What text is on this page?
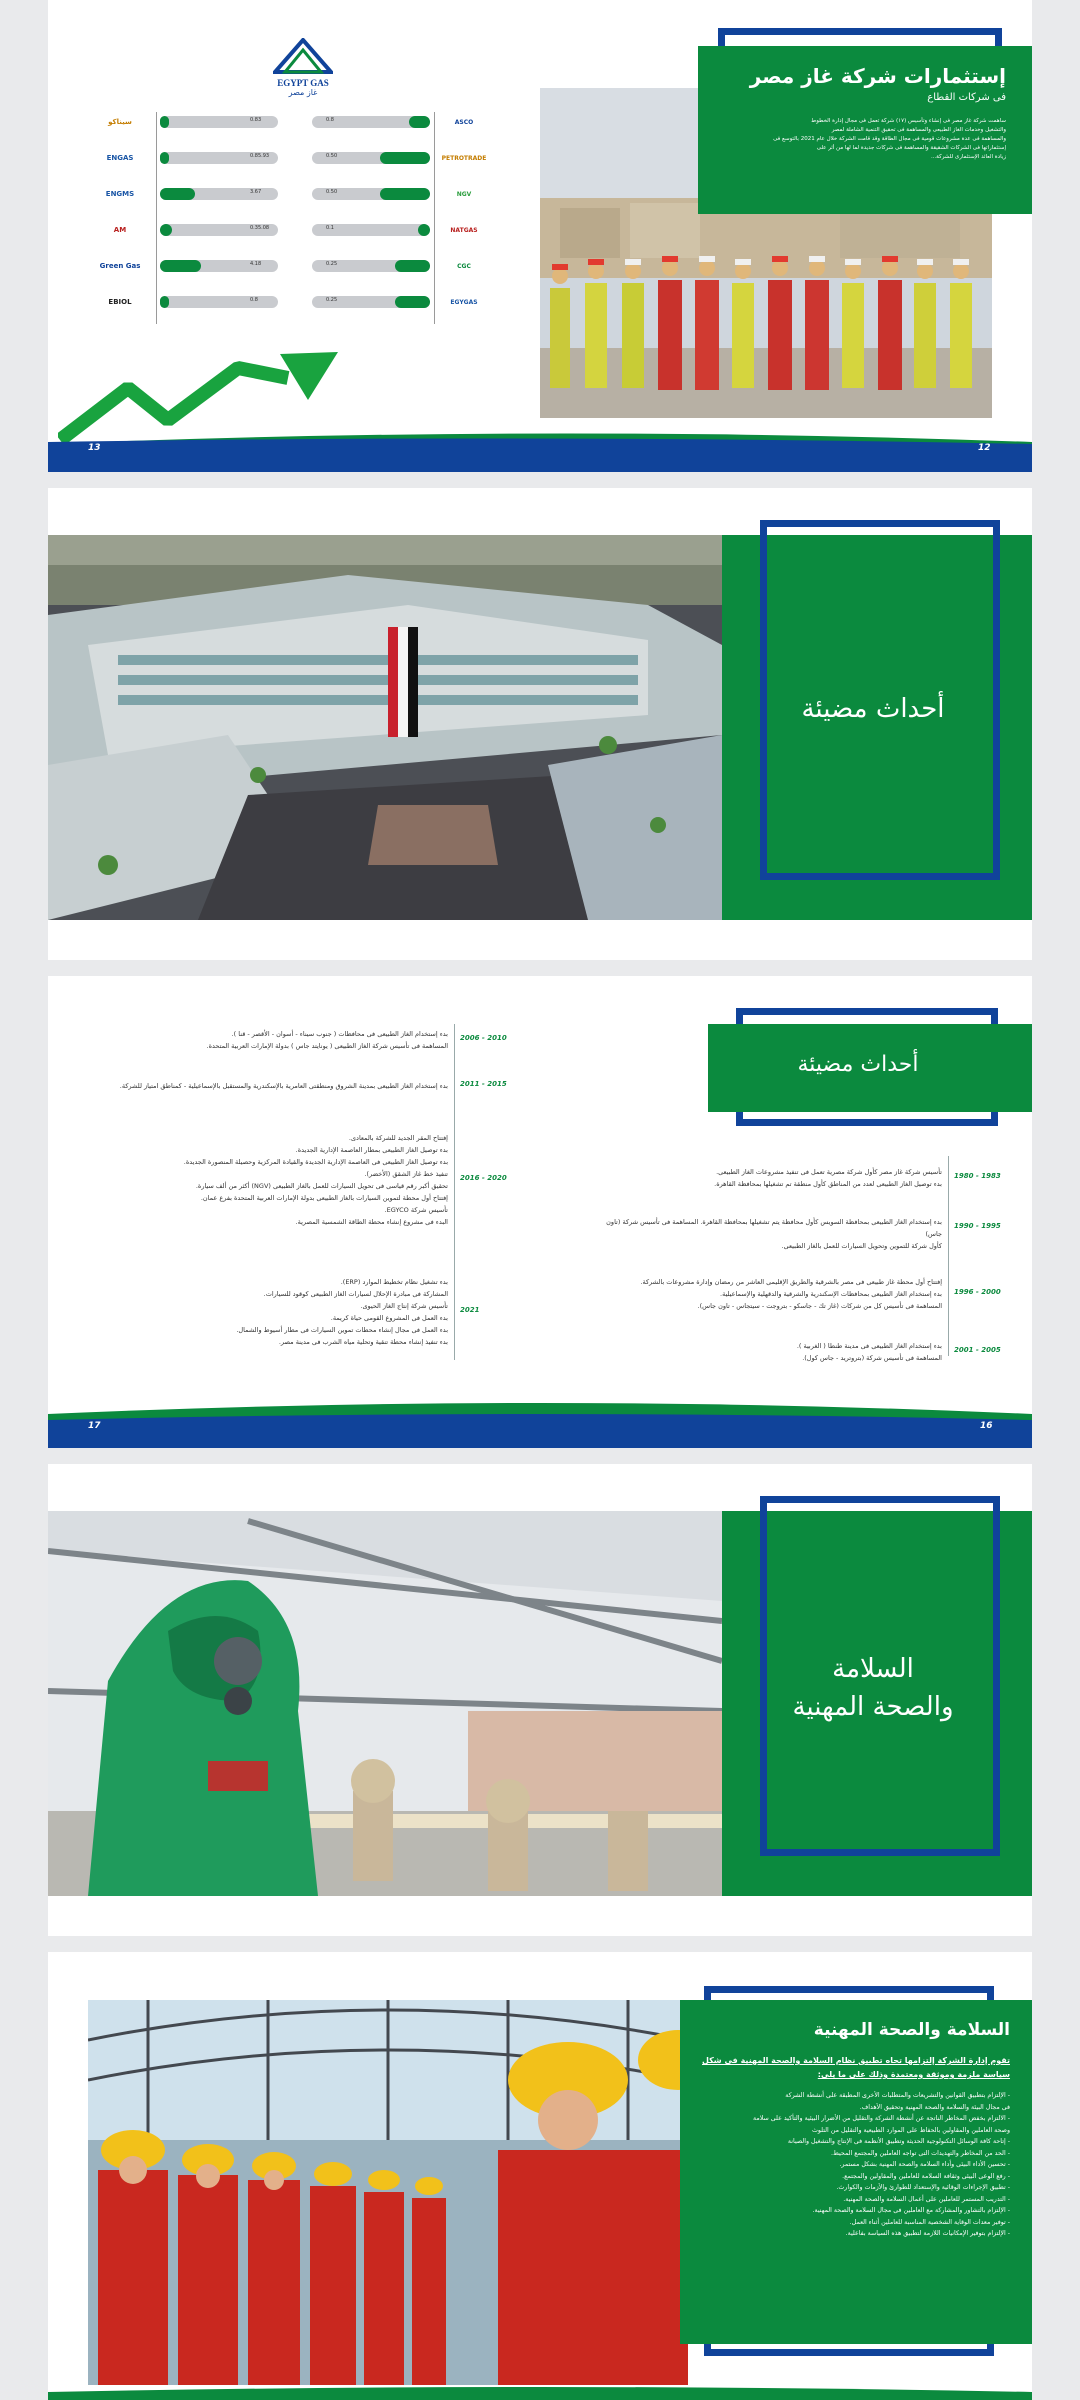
إستثمارات شركة غاز مصر
فى شركات القطاع
ساهمت شركة غاز مصر فى إنشاء وتأسيس (١٧) شركة تعمل فى مجال إدارة الخطوط
والتشغيل وخدمات الغاز الطبيعى والمساهمة فى تحقيق التنمية الشاملة لمصر
والمساهمة فى عدة مشروعات قومية فى مجال الطاقة وقد قامت الشركة خلال عام 2021 بالتوسع فى
إستثماراتها فى الشركات الشقيقة والمساهمة فى شركات جديدة لما لها من أثر على
زيادة العائد الإستثمارى للشركة...
EGYPT GAS
غاز مصر
سيناكو	0.83	0.8	ASCO
ENGAS	0.85.93	0.50	PETROTRADE
ENGMS	3.67	0.50	NGV
AM	0.35.08	0.1	NATGAS
Green Gas	4.18	0.25	CGC
EBIOL	0.8	0.25	EGYGAS
13	12
أحداث مضيئة
أحداث مضيئة
2006 - 2010
بدء إستخدام الغاز الطبيعى فى محافظات ( جنوب سيناء - أسوان - الأقصر - قنا ).
المساهمة فى تأسيس شركة الغاز الطبيعى ( يونايتد جاس ) بدولة الإمارات العربية المتحدة.
2011 - 2015
بدء إستخدام الغاز الطبيعى بمدينة الشروق ومنطقتى العامرية بالإسكندرية والمستقبل بالإسماعيلية - كمناطق امتياز للشركة.
2016 - 2020
إفتتاح المقر الجديد للشركة بالمعادى.
بدء توصيل الغاز الطبيعى بمطار العاصمة الإدارية الجديدة.
بدء توصيل الغاز الطبيعى فى العاصمة الإدارية الجديدة والقيادة المركزية وحصيلة المنصورة الجديدة.
تنفيذ خط غاز الشقق (الأخضر).
تحقيق أكبر رقم قياسى فى تحويل السيارات للعمل بالغاز الطبيعى (NGV) أكثر من ألف سيارة.
إفتتاح أول محطة لتموين السيارات بالغاز الطبيعى بدولة الإمارات العربية المتحدة بفرع عمان.
تأسيس شركة EGYCO.
البدء فى مشروع إنشاء محطة الطاقة الشمسية المصرية.
2021
بدء تشغيل نظام تخطيط الموارد (ERP).
المشاركة فى مبادرة الإحلال لسيارات الغاز الطبيعى كوقود للسيارات.
تأسيس شركة إنتاج الغاز الحيوى.
بدء العمل فى المشروع القومى حياة كريمة.
بدء العمل فى مجال إنشاء محطات تموين السيارات فى مطار أسيوط والشمال.
بدء تنفيذ إنشاء محطة تنقية وتحلية مياه الشرب فى مدينة مصر.
1980 - 1983
تأسيس شركة غاز مصر كأول شركة مصرية تعمل فى تنفيذ مشروعات الغاز الطبيعى.
بدء توصيل الغاز الطبيعى لعدد من المناطق كأول منطقة تم تشغيلها بمحافظة القاهرة.
1990 - 1995
بدء إستخدام الغاز الطبيعى بمحافظة السويس كأول محافظة يتم تشغيلها بمحافظة القاهرة. المساهمة فى تأسيس شركة (تاون جاس)
كأول شركة للتموين وتحويل السيارات للعمل بالغاز الطبيعى.
1996 - 2000
إفتتاح أول محطة غاز طبيعى فى مصر بالشرقية والطريق الإقليمى العاشر من رمضان وإدارة مشروعات بالشركة.
بدء إستخدام الغاز الطبيعى بمحافظات الإسكندرية والشرقية والدقهلية والإسماعيلية.
المساهمة فى تأسيس كل من شركات (غاز تك - جاسكو - بتروجت - سيتجاس - تاون جاس).
2001 - 2005
بدء إستخدام الغاز الطبيعى فى مدينة طنطا ( الغربية ).
المساهمة فى تأسيس شركة (بتروتريد - جاس كول).
17	16
السلامة
والصحة المهنية
السلامة والصحة المهنية
تقوم إدارة الشركة إلتزامها تجاه تطبيق نظام السلامة والصحة المهنية فى شكل سياسة ملزمة وموثقة ومعتمدة وذلك على ما يلى:
- الإلتزام بتطبيق القوانين والتشريعات والمتطلبات الأخرى المطبقة على أنشطة الشركة
فى مجال البيئة والسلامة والصحة المهنية وتحقيق الأهداف.
- الالتزام بخفض المخاطر الناتجة عن أنشطة الشركة والتقليل من الأضرار البيئية والتأكيد على سلامة
وصحة العاملين والمقاولين بالحفاظ على الموارد الطبيعية والتقليل من التلوث
- إتاحة كافة الوسائل التكنولوجية الحديثة وتطبيق الأنظمة فى الإنتاج والتشغيل والصيانة
- الحد من المخاطر والتهديدات التى تواجه العاملين والمجتمع المحيط.
- تحسين الأداء البيئى وأداء السلامة والصحة المهنية بشكل مستمر.
- رفع الوعى البيئى وثقافة السلامة للعاملين والمقاولين والمجتمع.
- تطبيق الإجراءات الوقائية والإستعداد للطوارئ والأزمات والكوارث.
- التدريب المستمر للعاملين على أعمال السلامة والصحة المهنية.
- الإلتزام بالتشاور والمشاركة مع العاملين فى مجال السلامة والصحة المهنية.
- توفير معدات الوقاية الشخصية المناسبة للعاملين أثناء العمل.
- الإلتزام بتوفير الإمكانيات اللازمة لتطبيق هذه السياسة بفاعلية.
